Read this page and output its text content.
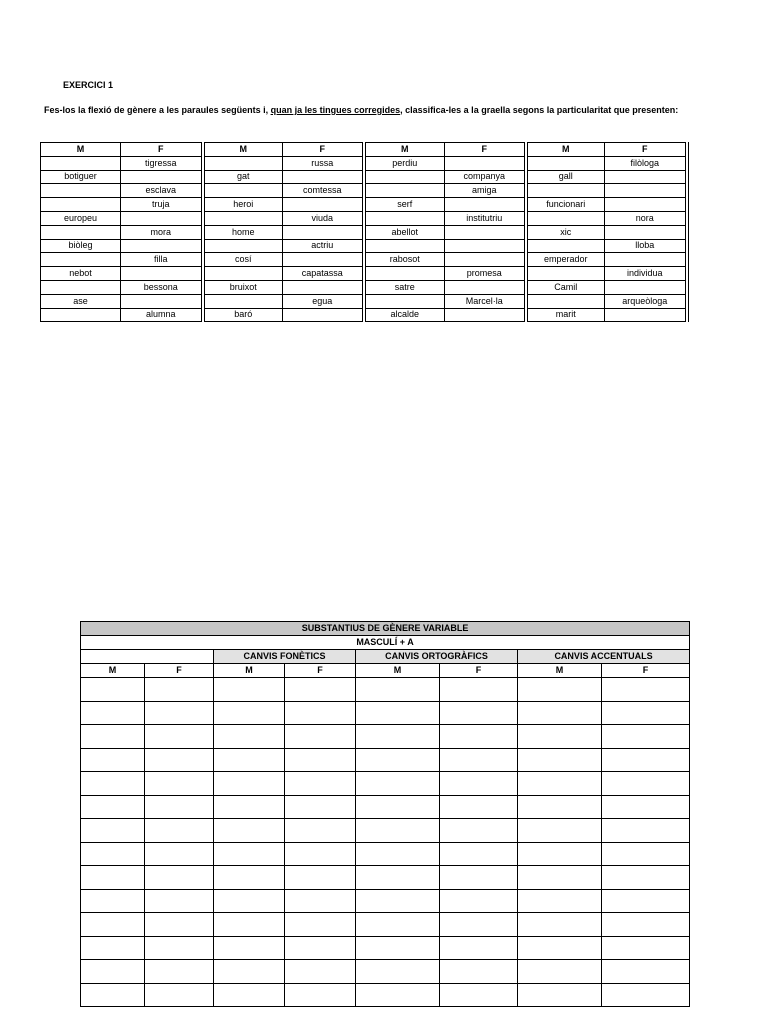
EXERCICI 1
Fes-los la flexió de gènere a les paraules següents i, quan ja les tingues corregides, classifica-les a la graella segons la particularitat que presenten:
M	F	M	F	M	F	M	F
	tigressa		russa	perdiu			filòloga
botiguer		gat			companya	gall	
	esclava		comtessa		amiga		
	truja	heroi		serf		funcionari	
europeu			viuda		institutriu		nora
	mora	home		abellot		xic	
biòleg			actriu				lloba
	filla	cosí		rabosot		emperador	
nebot			capatassa		promesa		individua
	bessona	bruixot		satre		Camil	
ase			egua		Marcel·la		arqueòloga
	alumna	baró		alcalde		marit	
SUBSTANTIUS DE GÈNERE VARIABLE							
MASCULÍ + A							
		CANVIS FONÈTICS		CANVIS ORTOGRÀFICS		CANVIS ACCENTUALS	
M	F	M	F	M	F	M	F
